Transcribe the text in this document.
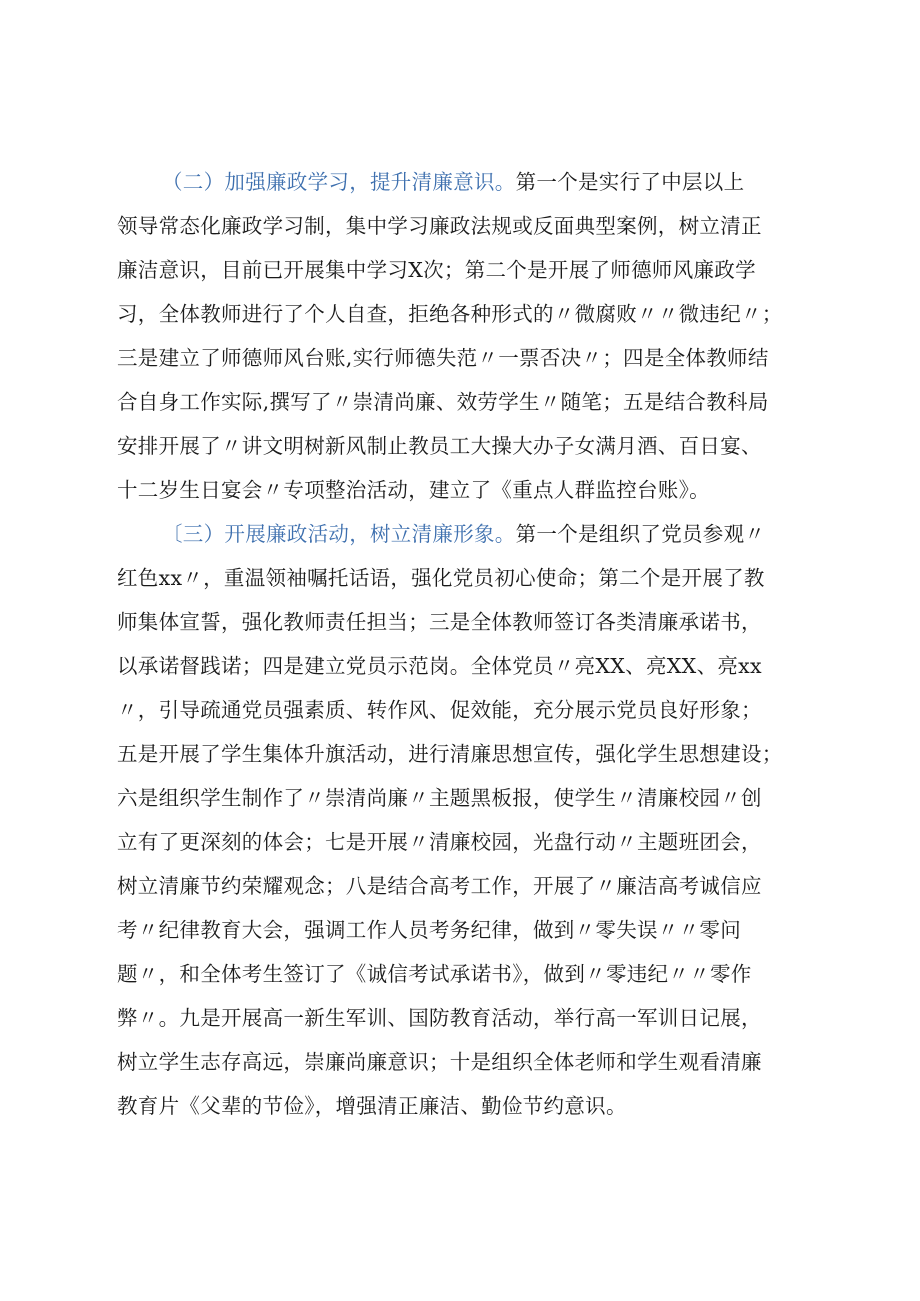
（二）加强廉政学习，提升清廉意识。第一个是实行了中层以上
领导常态化廉政学习制，集中学习廉政法规或反面典型案例，树立清正
廉洁意识，目前已开展集中学习X次；第二个是开展了师德师风廉政学
习，全体教师进行了个人自查，拒绝各种形式的〃微腐败〃〃微违纪〃；
三是建立了师德师风台账,实行师德失范〃一票否决〃；四是全体教师结
合自身工作实际,撰写了〃崇清尚廉、效劳学生〃随笔；五是结合教科局
安排开展了〃讲文明树新风制止教员工大操大办子女满月酒、百日宴、
十二岁生日宴会〃专项整治活动，建立了《重点人群监控台账》。
〔三）开展廉政活动，树立清廉形象。第一个是组织了党员参观〃
红色xx〃，重温领袖嘱托话语，强化党员初心使命；第二个是开展了教
师集体宣誓，强化教师责任担当；三是全体教师签订各类清廉承诺书，
以承诺督践诺；四是建立党员示范岗。全体党员〃亮XX、亮XX、亮xx
〃，引导疏通党员强素质、转作风、促效能，充分展示党员良好形象；
五是开展了学生集体升旗活动，进行清廉思想宣传，强化学生思想建设；
六是组织学生制作了〃崇清尚廉〃主题黑板报，使学生〃清廉校园〃创
立有了更深刻的体会；七是开展〃清廉校园，光盘行动〃主题班团会，
树立清廉节约荣耀观念；八是结合高考工作，开展了〃廉洁高考诚信应
考〃纪律教育大会，强调工作人员考务纪律，做到〃零失误〃〃零问
题〃，和全体考生签订了《诚信考试承诺书》，做到〃零违纪〃〃零作
弊〃。九是开展高一新生军训、国防教育活动，举行高一军训日记展，
树立学生志存高远，崇廉尚廉意识；十是组织全体老师和学生观看清廉
教育片《父辈的节俭》，增强清正廉洁、勤俭节约意识。
